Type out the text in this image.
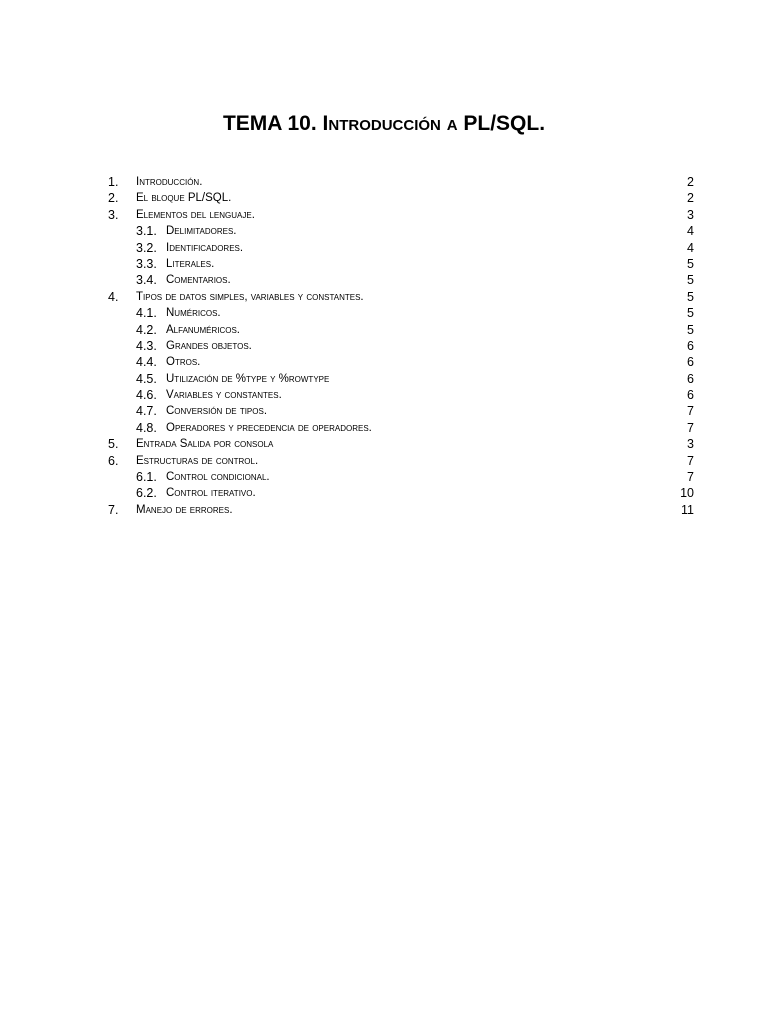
TEMA 10. Introducción a PL/SQL.
1. Introducción.	2
2. El bloque PL/SQL.	2
3. Elementos del lenguaje.	3
3.1. Delimitadores.	4
3.2. Identificadores.	4
3.3. Literales.	5
3.4. Comentarios.	5
4. Tipos de datos simples, variables y constantes.	5
4.1. Numéricos.	5
4.2. Alfanuméricos.	5
4.3. Grandes objetos.	6
4.4. Otros.	6
4.5. Utilización de %type y %rowtype	6
4.6. Variables y constantes.	6
4.7. Conversión de tipos.	7
4.8. Operadores y precedencia de operadores.	7
5. Entrada Salida por consola	3
6. Estructuras de control.	7
6.1. Control condicional.	7
6.2. Control iterativo.	10
7. Manejo de errores.	11
